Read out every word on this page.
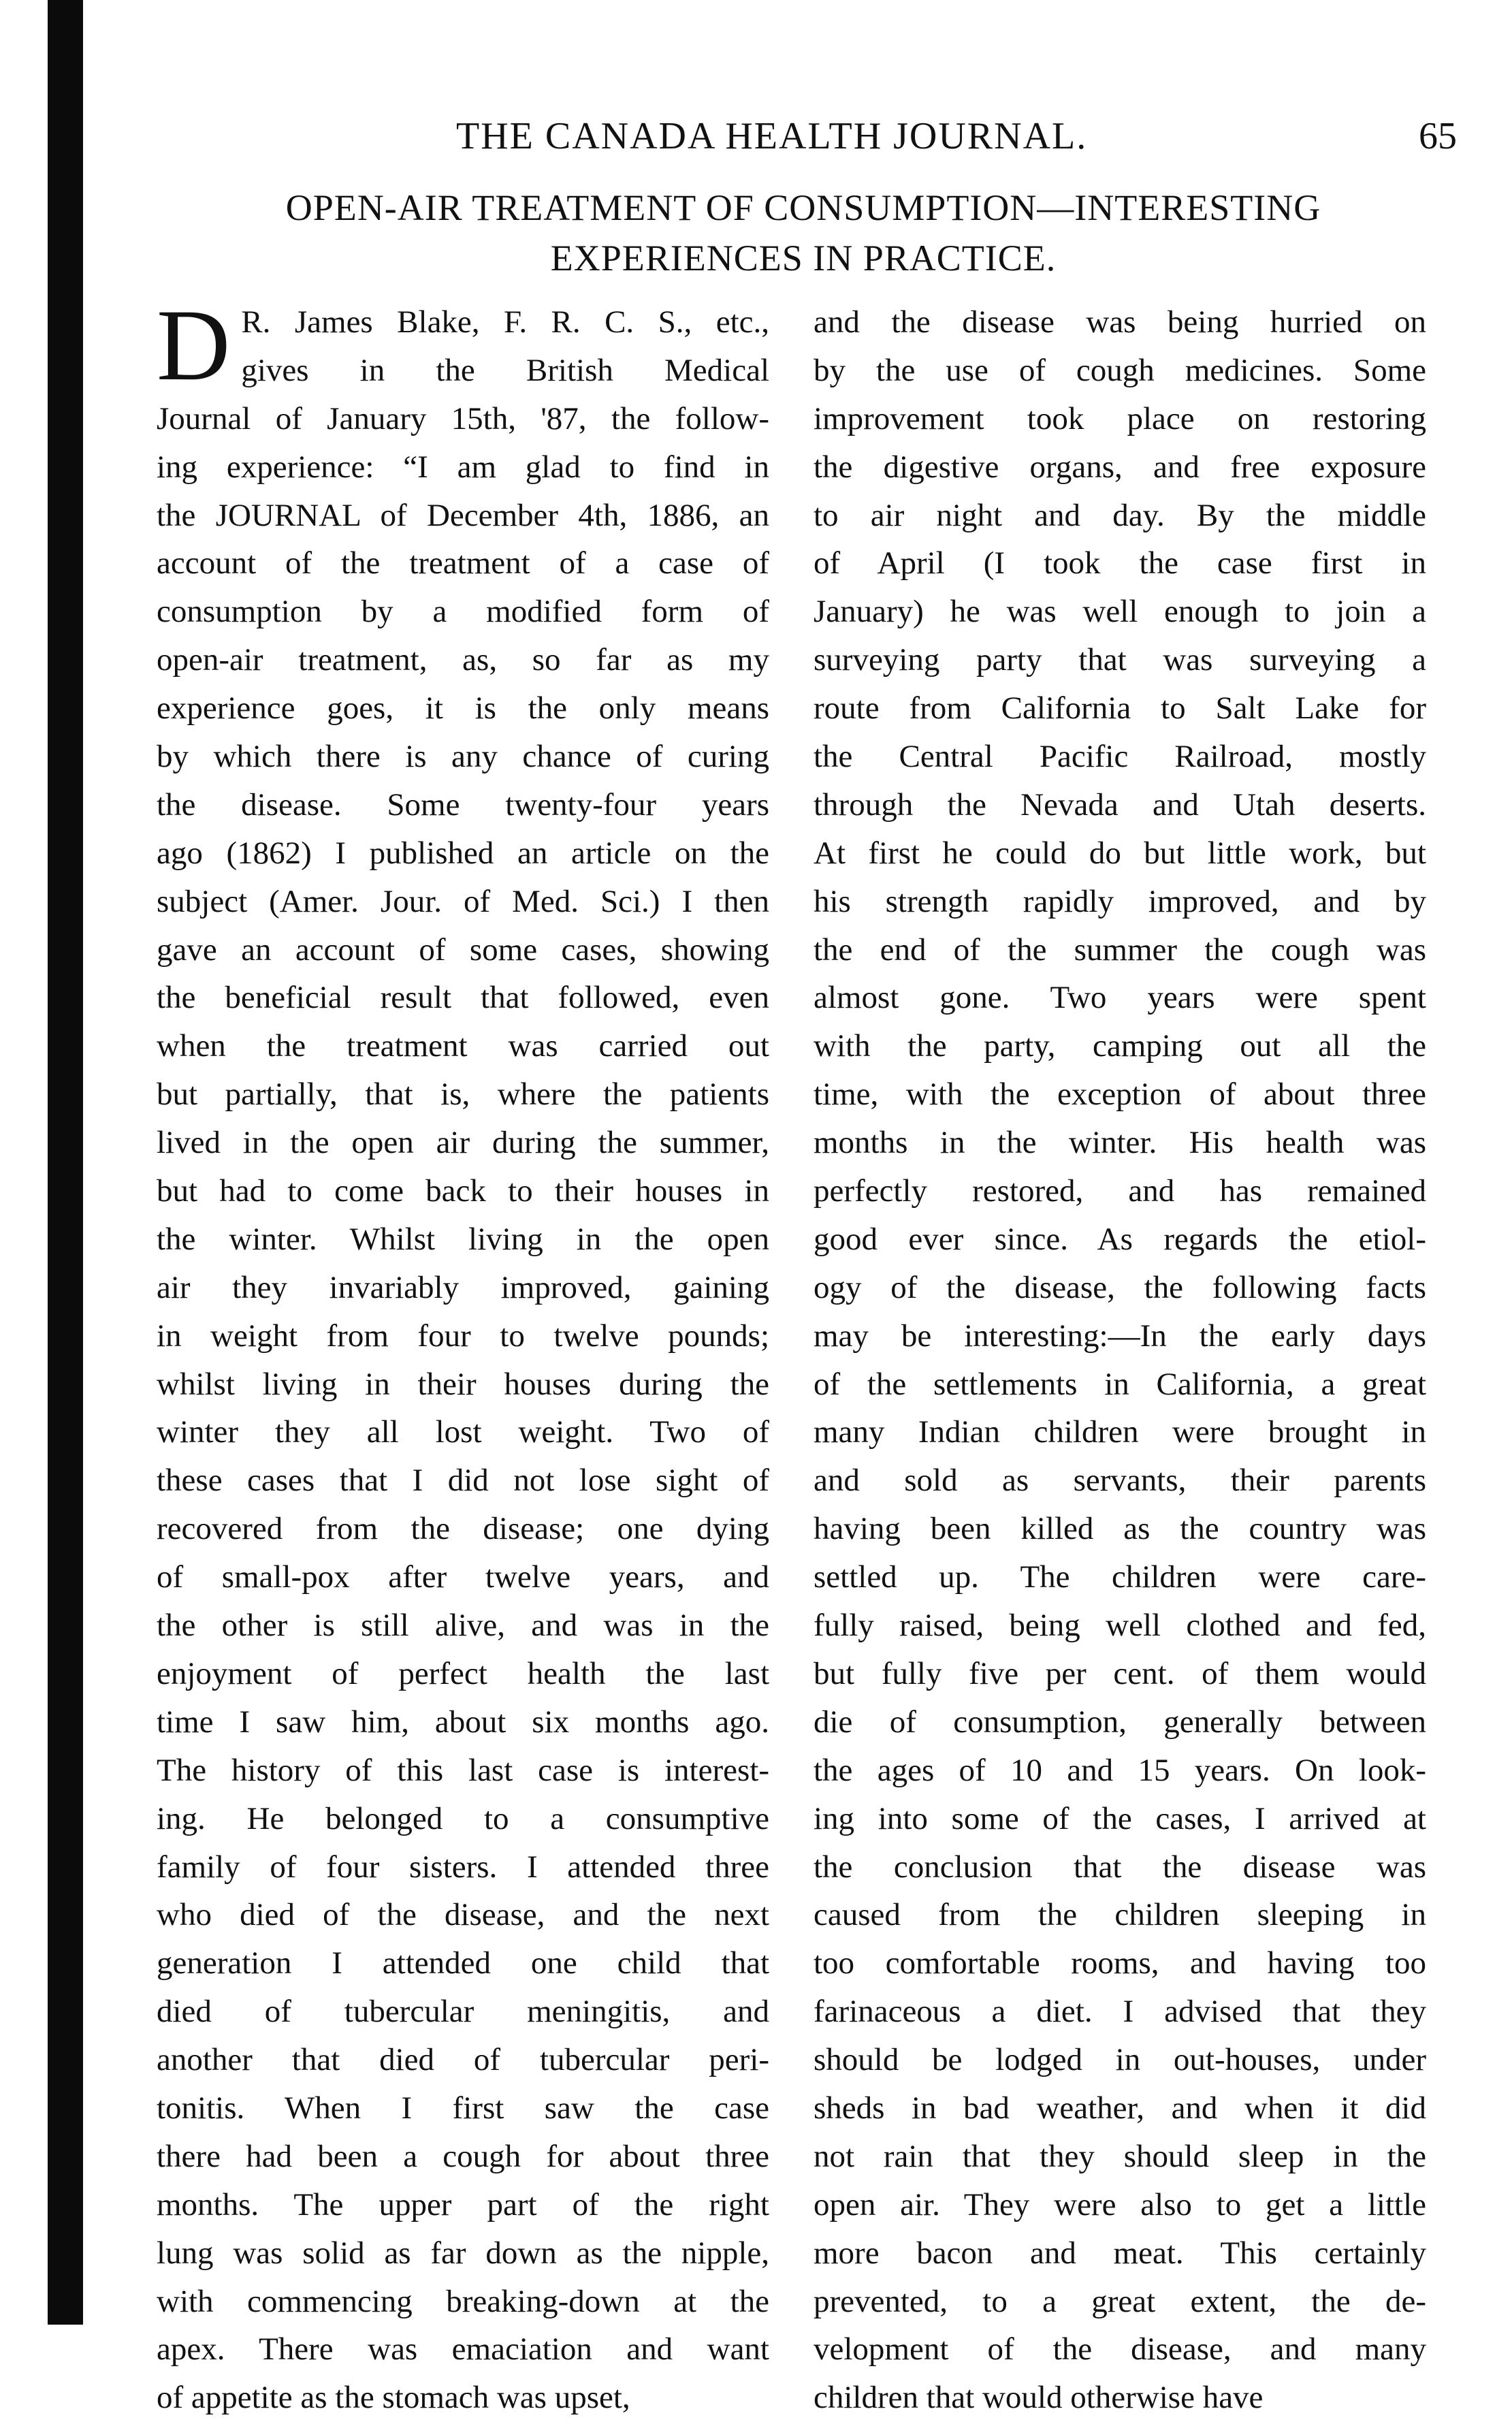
THE CANADA HEALTH JOURNAL.	65
OPEN-AIR TREATMENT OF CONSUMPTION—INTERESTING
EXPERIENCES IN PRACTICE.
D R. James Blake, F. R. C. S., etc.,
gives in the British Medical
Journal of January 15th, '87, the follow-
ing experience: “I am glad to find in
the JOURNAL of December 4th, 1886, an
account of the treatment of a case of
consumption by a modified form of
open-air treatment, as, so far as my
experience goes, it is the only means
by which there is any chance of curing
the disease. Some twenty-four years
ago (1862) I published an article on the
subject (Amer. Jour. of Med. Sci.) I then
gave an account of some cases, showing
the beneficial result that followed, even
when the treatment was carried out
but partially, that is, where the patients
lived in the open air during the summer,
but had to come back to their houses in
the winter. Whilst living in the open
air they invariably improved, gaining
in weight from four to twelve pounds;
whilst living in their houses during the
winter they all lost weight. Two of
these cases that I did not lose sight of
recovered from the disease; one dying
of small-pox after twelve years, and
the other is still alive, and was in the
enjoyment of perfect health the last
time I saw him, about six months ago.
The history of this last case is interest-
ing. He belonged to a consumptive
family of four sisters. I attended three
who died of the disease, and the next
generation I attended one child that
died of tubercular meningitis, and
another that died of tubercular peri-
tonitis. When I first saw the case
there had been a cough for about three
months. The upper part of the right
lung was solid as far down as the nipple,
with commencing breaking-down at the
apex. There was emaciation and want
of appetite as the stomach was upset,
and the disease was being hurried on
by the use of cough medicines. Some
improvement took place on restoring
the digestive organs, and free exposure
to air night and day. By the middle
of April (I took the case first in
January) he was well enough to join a
surveying party that was surveying a
route from California to Salt Lake for
the Central Pacific Railroad, mostly
through the Nevada and Utah deserts.
At first he could do but little work, but
his strength rapidly improved, and by
the end of the summer the cough was
almost gone. Two years were spent
with the party, camping out all the
time, with the exception of about three
months in the winter. His health was
perfectly restored, and has remained
good ever since. As regards the etiol-
ogy of the disease, the following facts
may be interesting:—In the early days
of the settlements in California, a great
many Indian children were brought in
and sold as servants, their parents
having been killed as the country was
settled up. The children were care-
fully raised, being well clothed and fed,
but fully five per cent. of them would
die of consumption, generally between
the ages of 10 and 15 years. On look-
ing into some of the cases, I arrived at
the conclusion that the disease was
caused from the children sleeping in
too comfortable rooms, and having too
farinaceous a diet. I advised that they
should be lodged in out-houses, under
sheds in bad weather, and when it did
not rain that they should sleep in the
open air. They were also to get a little
more bacon and meat. This certainly
prevented, to a great extent, the de-
velopment of the disease, and many
children that would otherwise have
